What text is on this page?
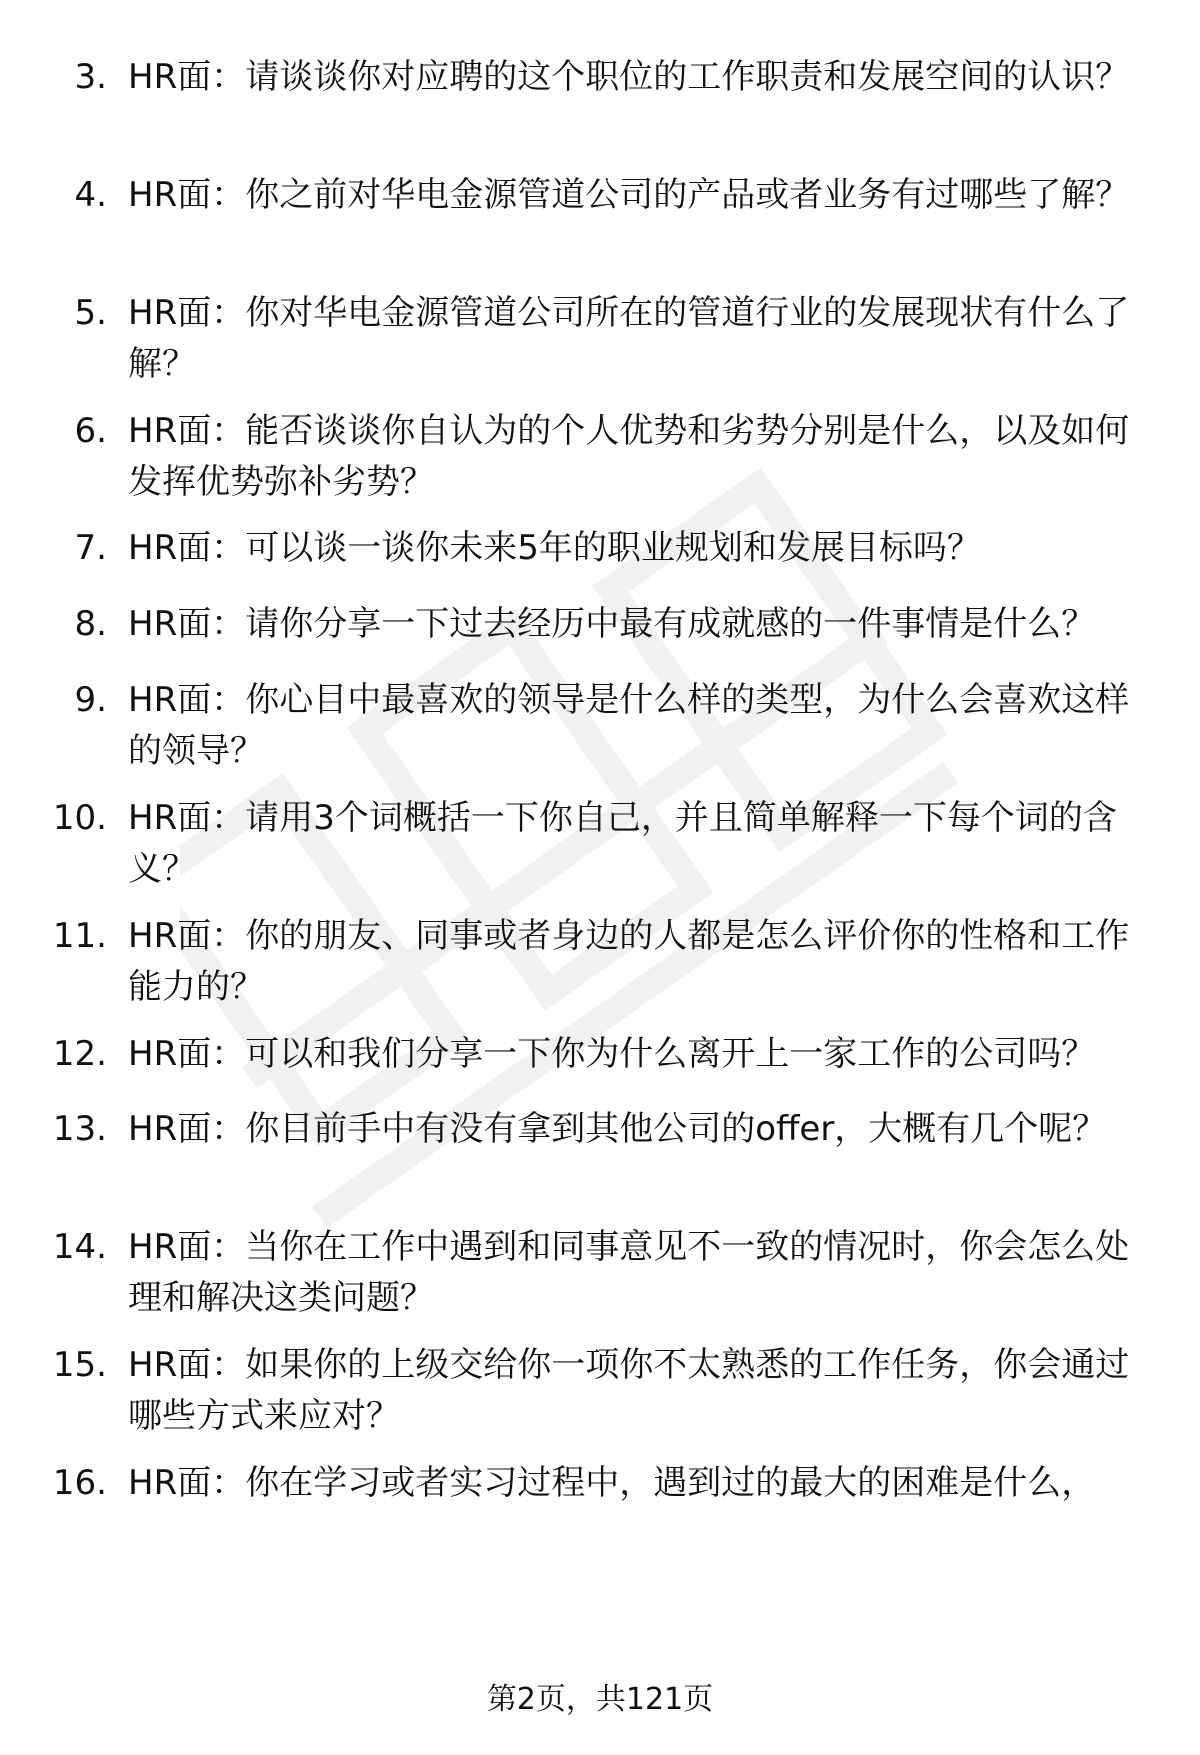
3. HR面：请谈谈你对应聘的这个职位的工作职责和发展空间的认识？
4. HR面：你之前对华电金源管道公司的产品或者业务有过哪些了解？
5. HR面：你对华电金源管道公司所在的管道行业的发展现状有什么了解？
6. HR面：能否谈谈你自认为的个人优势和劣势分别是什么，以及如何发挥优势弥补劣势？
7. HR面：可以谈一谈你未来5年的职业规划和发展目标吗？
8. HR面：请你分享一下过去经历中最有成就感的一件事情是什么？
9. HR面：你心目中最喜欢的领导是什么样的类型，为什么会喜欢这样的领导？
10. HR面：请用3个词概括一下你自己，并且简单解释一下每个词的含义？
11. HR面：你的朋友、同事或者身边的人都是怎么评价你的性格和工作能力的？
12. HR面：可以和我们分享一下你为什么离开上一家工作的公司吗？
13. HR面：你目前手中有没有拿到其他公司的offer，大概有几个呢？
14. HR面：当你在工作中遇到和同事意见不一致的情况时，你会怎么处理和解决这类问题？
15. HR面：如果你的上级交给你一项你不太熟悉的工作任务，你会通过哪些方式来应对？
16. HR面：你在学习或者实习过程中，遇到过的最大的困难是什么，
第2页，共121页
